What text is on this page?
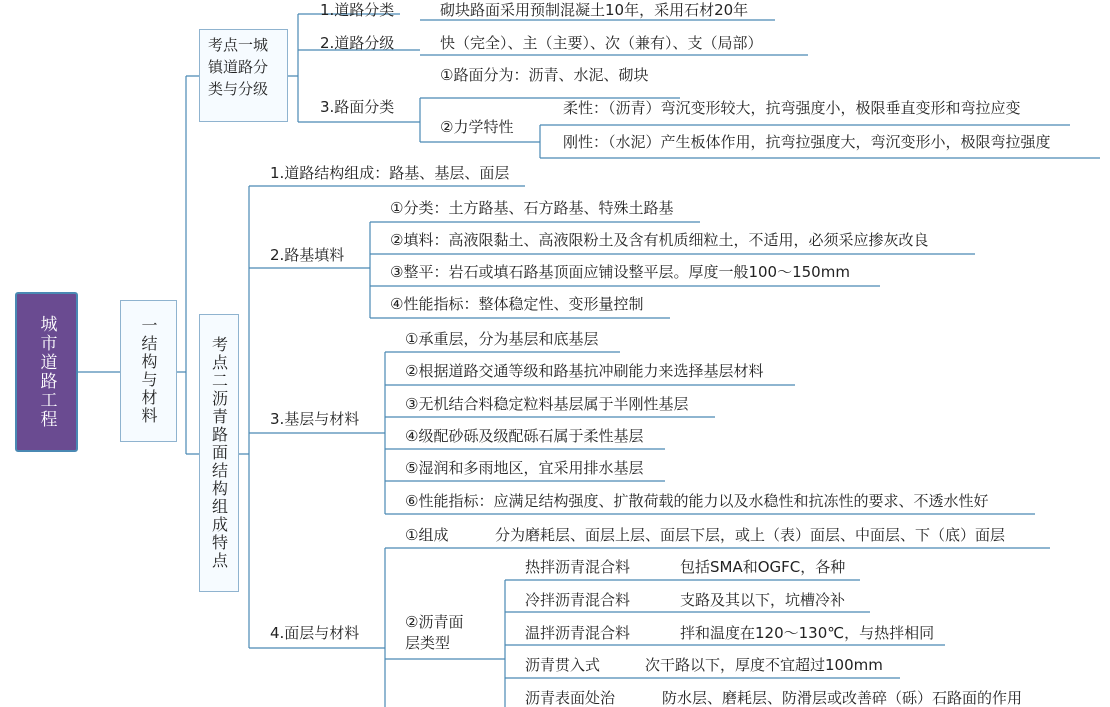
城市道路工程	一结构与材料
考点一城镇道路分类与分级
考点二沥青路面结构组成特点
1.道路分类	砌块路面采用预制混凝土10年，采用石材20年
2.道路分级	快（完全）、主（主要）、次（兼有）、支（局部）
3.路面分类
①路面分为：沥青、水泥、砌块
②力学特性
柔性：（沥青）弯沉变形较大，抗弯强度小，极限垂直变形和弯拉应变
刚性：（水泥）产生板体作用，抗弯拉强度大，弯沉变形小，极限弯拉强度
1.道路结构组成：路基、基层、面层
2.路基填料
①分类：土方路基、石方路基、特殊土路基
②填料：高液限黏土、高液限粉土及含有机质细粒土，不适用，必须采应掺灰改良
③整平：岩石或填石路基顶面应铺设整平层。厚度一般100～150mm
④性能指标：整体稳定性、变形量控制
3.基层与材料
①承重层，分为基层和底基层
②根据道路交通等级和路基抗冲刷能力来选择基层材料
③无机结合料稳定粒料基层属于半刚性基层
④级配砂砾及级配砾石属于柔性基层
⑤湿润和多雨地区，宜采用排水基层
⑥性能指标：应满足结构强度、扩散荷载的能力以及水稳性和抗冻性的要求、不透水性好
4.面层与材料
①组成	分为磨耗层、面层上层、面层下层，或上（表）面层、中面层、下（底）面层
②沥青面层类型
热拌沥青混合料	包括SMA和OGFC，各种
冷拌沥青混合料	支路及其以下，坑槽冷补
温拌沥青混合料	拌和温度在120～130℃，与热拌相同
沥青贯入式	次干路以下，厚度不宜超过100mm
沥青表面处治	防水层、磨耗层、防滑层或改善碎（砾）石路面的作用
